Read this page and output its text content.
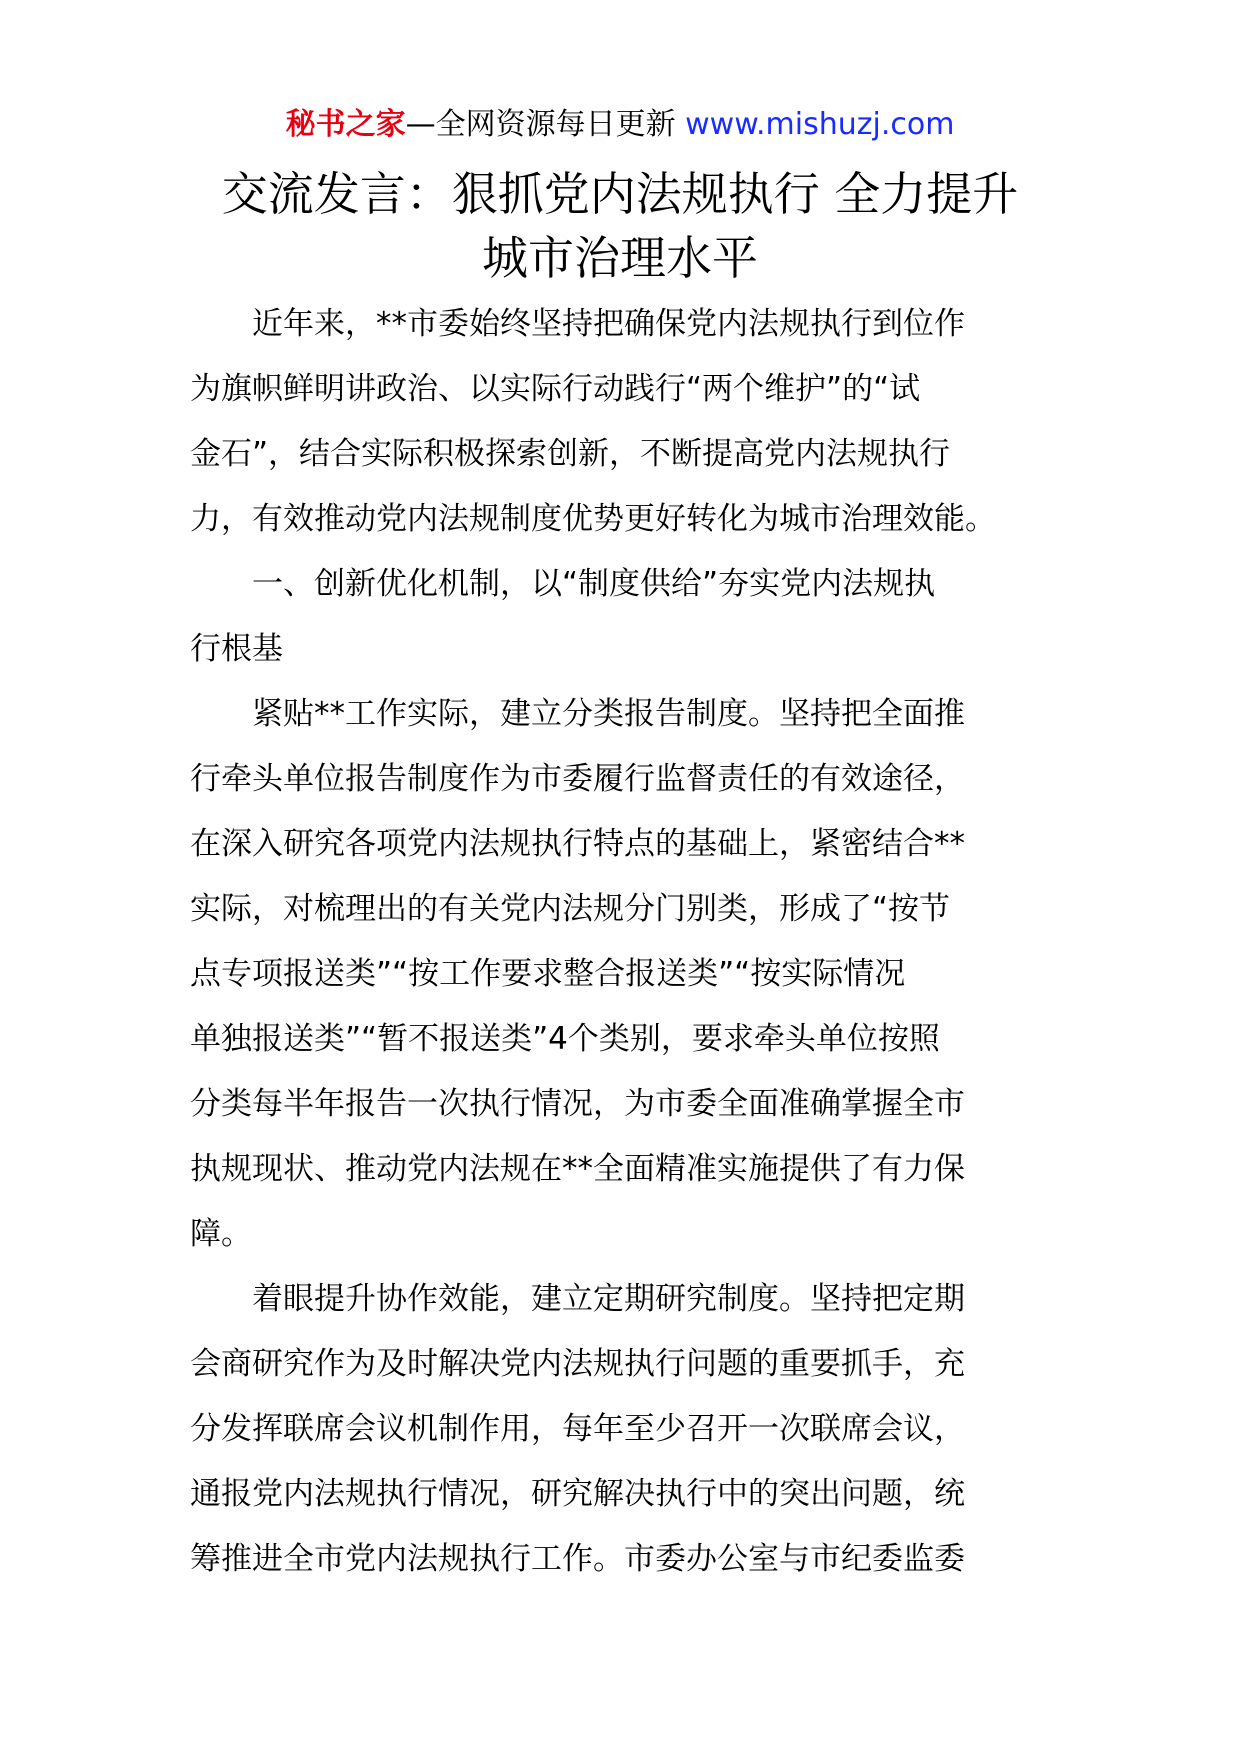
秘书之家—全网资源每日更新 www.mishuzj.com
交流发言：狠抓党内法规执行 全力提升
城市治理水平
近年来，**市委始终坚持把确保党内法规执行到位作
为旗帜鲜明讲政治、以实际行动践行“两个维护”的“试
金石”，结合实际积极探索创新，不断提高党内法规执行
力，有效推动党内法规制度优势更好转化为城市治理效能。
一、创新优化机制，以“制度供给”夯实党内法规执
行根基
紧贴**工作实际，建立分类报告制度。坚持把全面推
行牵头单位报告制度作为市委履行监督责任的有效途径，
在深入研究各项党内法规执行特点的基础上，紧密结合**
实际，对梳理出的有关党内法规分门别类，形成了“按节
点专项报送类”“按工作要求整合报送类”“按实际情况
单独报送类”“暂不报送类”4个类别，要求牵头单位按照
分类每半年报告一次执行情况，为市委全面准确掌握全市
执规现状、推动党内法规在**全面精准实施提供了有力保
障。
着眼提升协作效能，建立定期研究制度。坚持把定期
会商研究作为及时解决党内法规执行问题的重要抓手，充
分发挥联席会议机制作用，每年至少召开一次联席会议，
通报党内法规执行情况，研究解决执行中的突出问题，统
筹推进全市党内法规执行工作。市委办公室与市纪委监委
